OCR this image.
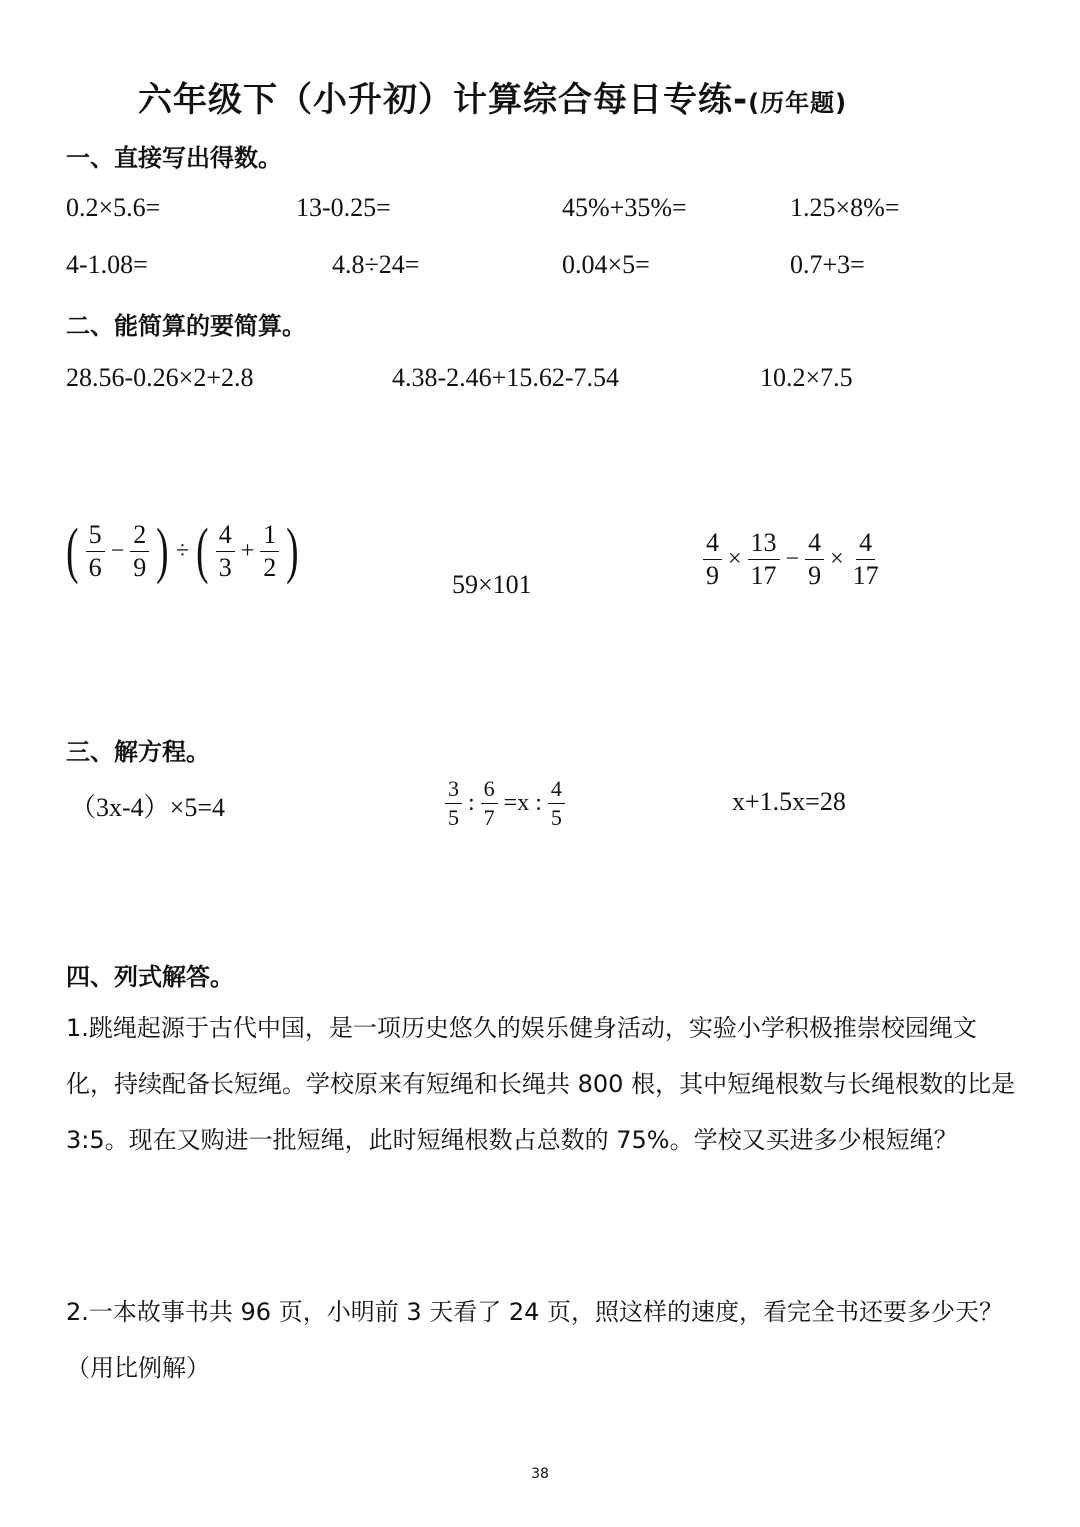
六年级下（小升初）计算综合每日专练-(历年题)
一、直接写出得数。
0.2×5.6=	13-0.25=	45%+35%=	1.25×8%=
4-1.08=	4.8÷24=	0.04×5=	0.7+3=
二、能简算的要简算。
28.56-0.26×2+2.8	4.38-2.46+15.62-7.54	10.2×7.5
( $\frac{5}{6} - \frac{2}{9}$ ) ÷ ( $\frac{4}{3} + \frac{1}{2}$ )	59×101	$\frac{4}{9} \times \frac{13}{17} - \frac{4}{9} \times \frac{4}{17}$
三、解方程。
（3x-4）×5=4	$\frac{3}{5}$ : $\frac{6}{7} =x$ : $\frac{4}{5}$	x+1.5x=28
四、列式解答。
1.跳绳起源于古代中国，是一项历史悠久的娱乐健身活动，实验小学积极推崇校园绳文化，持续配备长短绳。学校原来有短绳和长绳共 800 根，其中短绳根数与长绳根数的比是 3:5。现在又购进一批短绳，此时短绳根数占总数的 75%。学校又买进多少根短绳？
2.一本故事书共 96 页，小明前 3 天看了 24 页，照这样的速度，看完全书还要多少天？
（用比例解）
38
